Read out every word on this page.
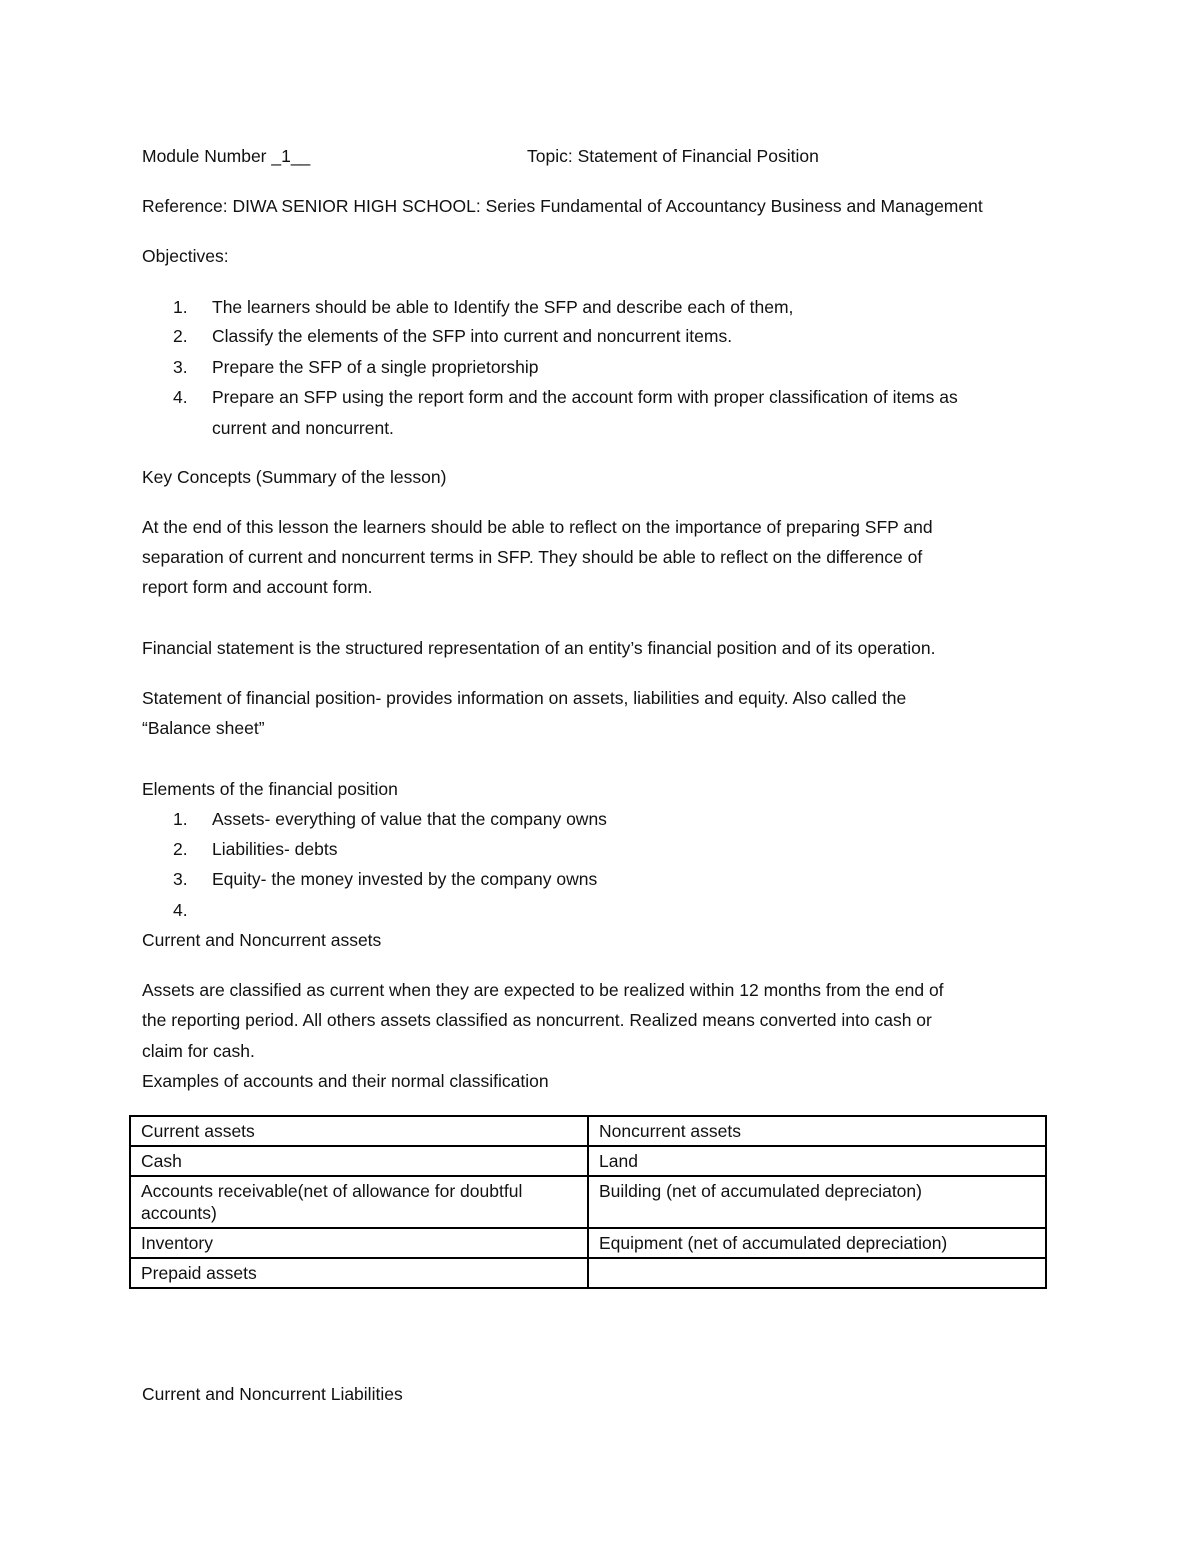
Module Number _1__	Topic: Statement of Financial Position
Reference: DIWA SENIOR HIGH SCHOOL: Series Fundamental of Accountancy Business and Management
Objectives:
1.	The learners should be able to Identify the SFP and describe each of them,
2.	Classify the elements of the SFP into current and noncurrent items.
3.	Prepare the SFP of a single proprietorship
4.	Prepare an SFP using the report form and the account form with proper classification of items as
current and noncurrent.
Key Concepts (Summary of the lesson)
At the end of this lesson the learners should be able to reflect on the importance of preparing SFP and
separation of current and noncurrent terms in SFP. They should be able to reflect on the difference of
report form and account form.
Financial statement is the structured representation of an entity’s financial position and of its operation.
Statement of financial position- provides information on assets, liabilities and equity. Also called the
“Balance sheet”
Elements of the financial position
1.	Assets- everything of value that the company owns
2.	Liabilities- debts
3.	Equity- the money invested by the company owns
4.
Current and Noncurrent assets
Assets are classified as current when they are expected to be realized within 12 months from the end of
the reporting period. All others assets classified as noncurrent. Realized means converted into cash or
claim for cash.
Examples of accounts and their normal classification
Current assets	Noncurrent assets
Cash	Land
Accounts receivable(net of allowance for doubtful accounts)	Building (net of accumulated depreciaton)
Inventory	Equipment (net of accumulated depreciation)
Prepaid assets	
Current and Noncurrent Liabilities
